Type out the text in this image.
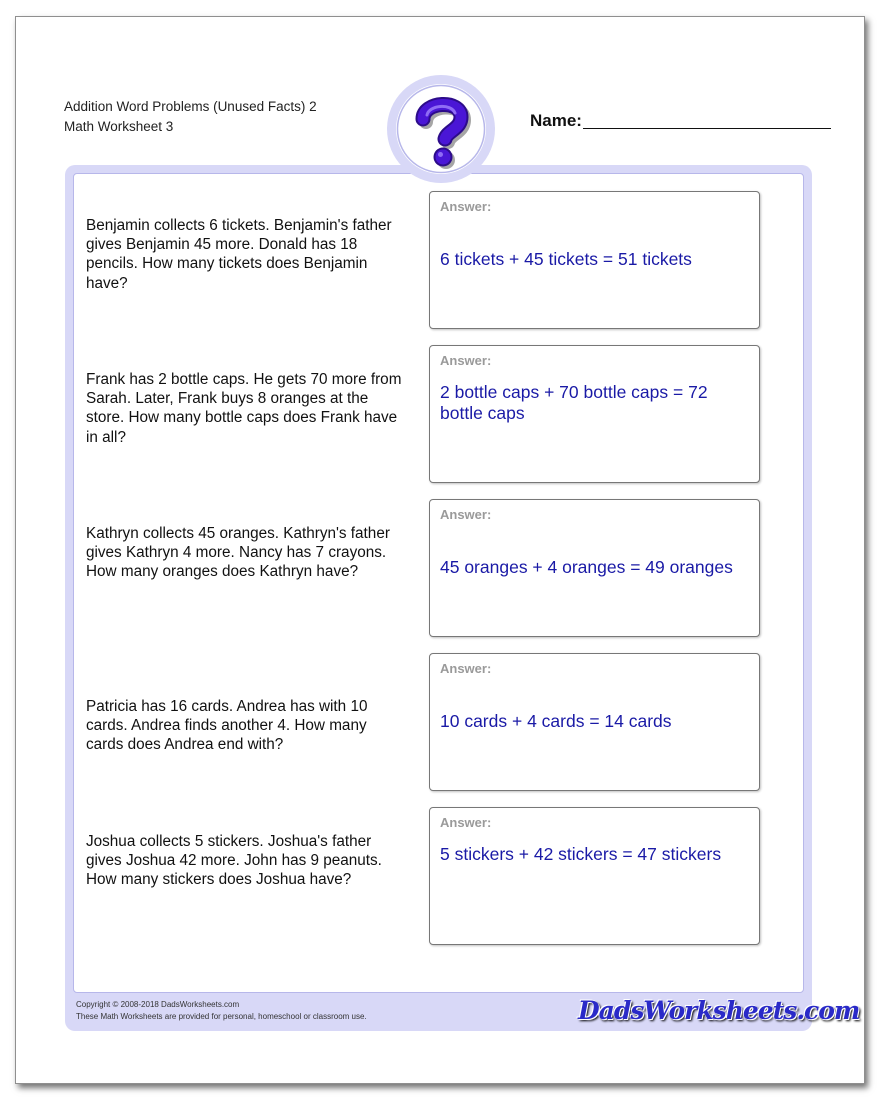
Addition Word Problems (Unused Facts) 2
Math Worksheet 3	Name:
Benjamin collects 6 tickets. Benjamin's father gives Benjamin 45 more. Donald has 18 pencils. How many tickets does Benjamin have?
Answer:
6 tickets + 45 tickets = 51 tickets
Frank has 2 bottle caps. He gets 70 more from Sarah. Later, Frank buys 8 oranges at the store. How many bottle caps does Frank have in all?
Answer:
2 bottle caps + 70 bottle caps = 72 bottle caps
Kathryn collects 45 oranges. Kathryn's father gives Kathryn 4 more. Nancy has 7 crayons. How many oranges does Kathryn have?
Answer:
45 oranges + 4 oranges = 49 oranges
Patricia has 16 cards. Andrea has with 10 cards. Andrea finds another 4. How many cards does Andrea end with?
Answer:
10 cards + 4 cards = 14 cards
Joshua collects 5 stickers. Joshua's father gives Joshua 42 more. John has 9 peanuts. How many stickers does Joshua have?
Answer:
5 stickers + 42 stickers = 47 stickers
Copyright © 2008-2018 DadsWorksheets.com
These Math Worksheets are provided for personal, homeschool or classroom use.	DadsWorksheets.com
